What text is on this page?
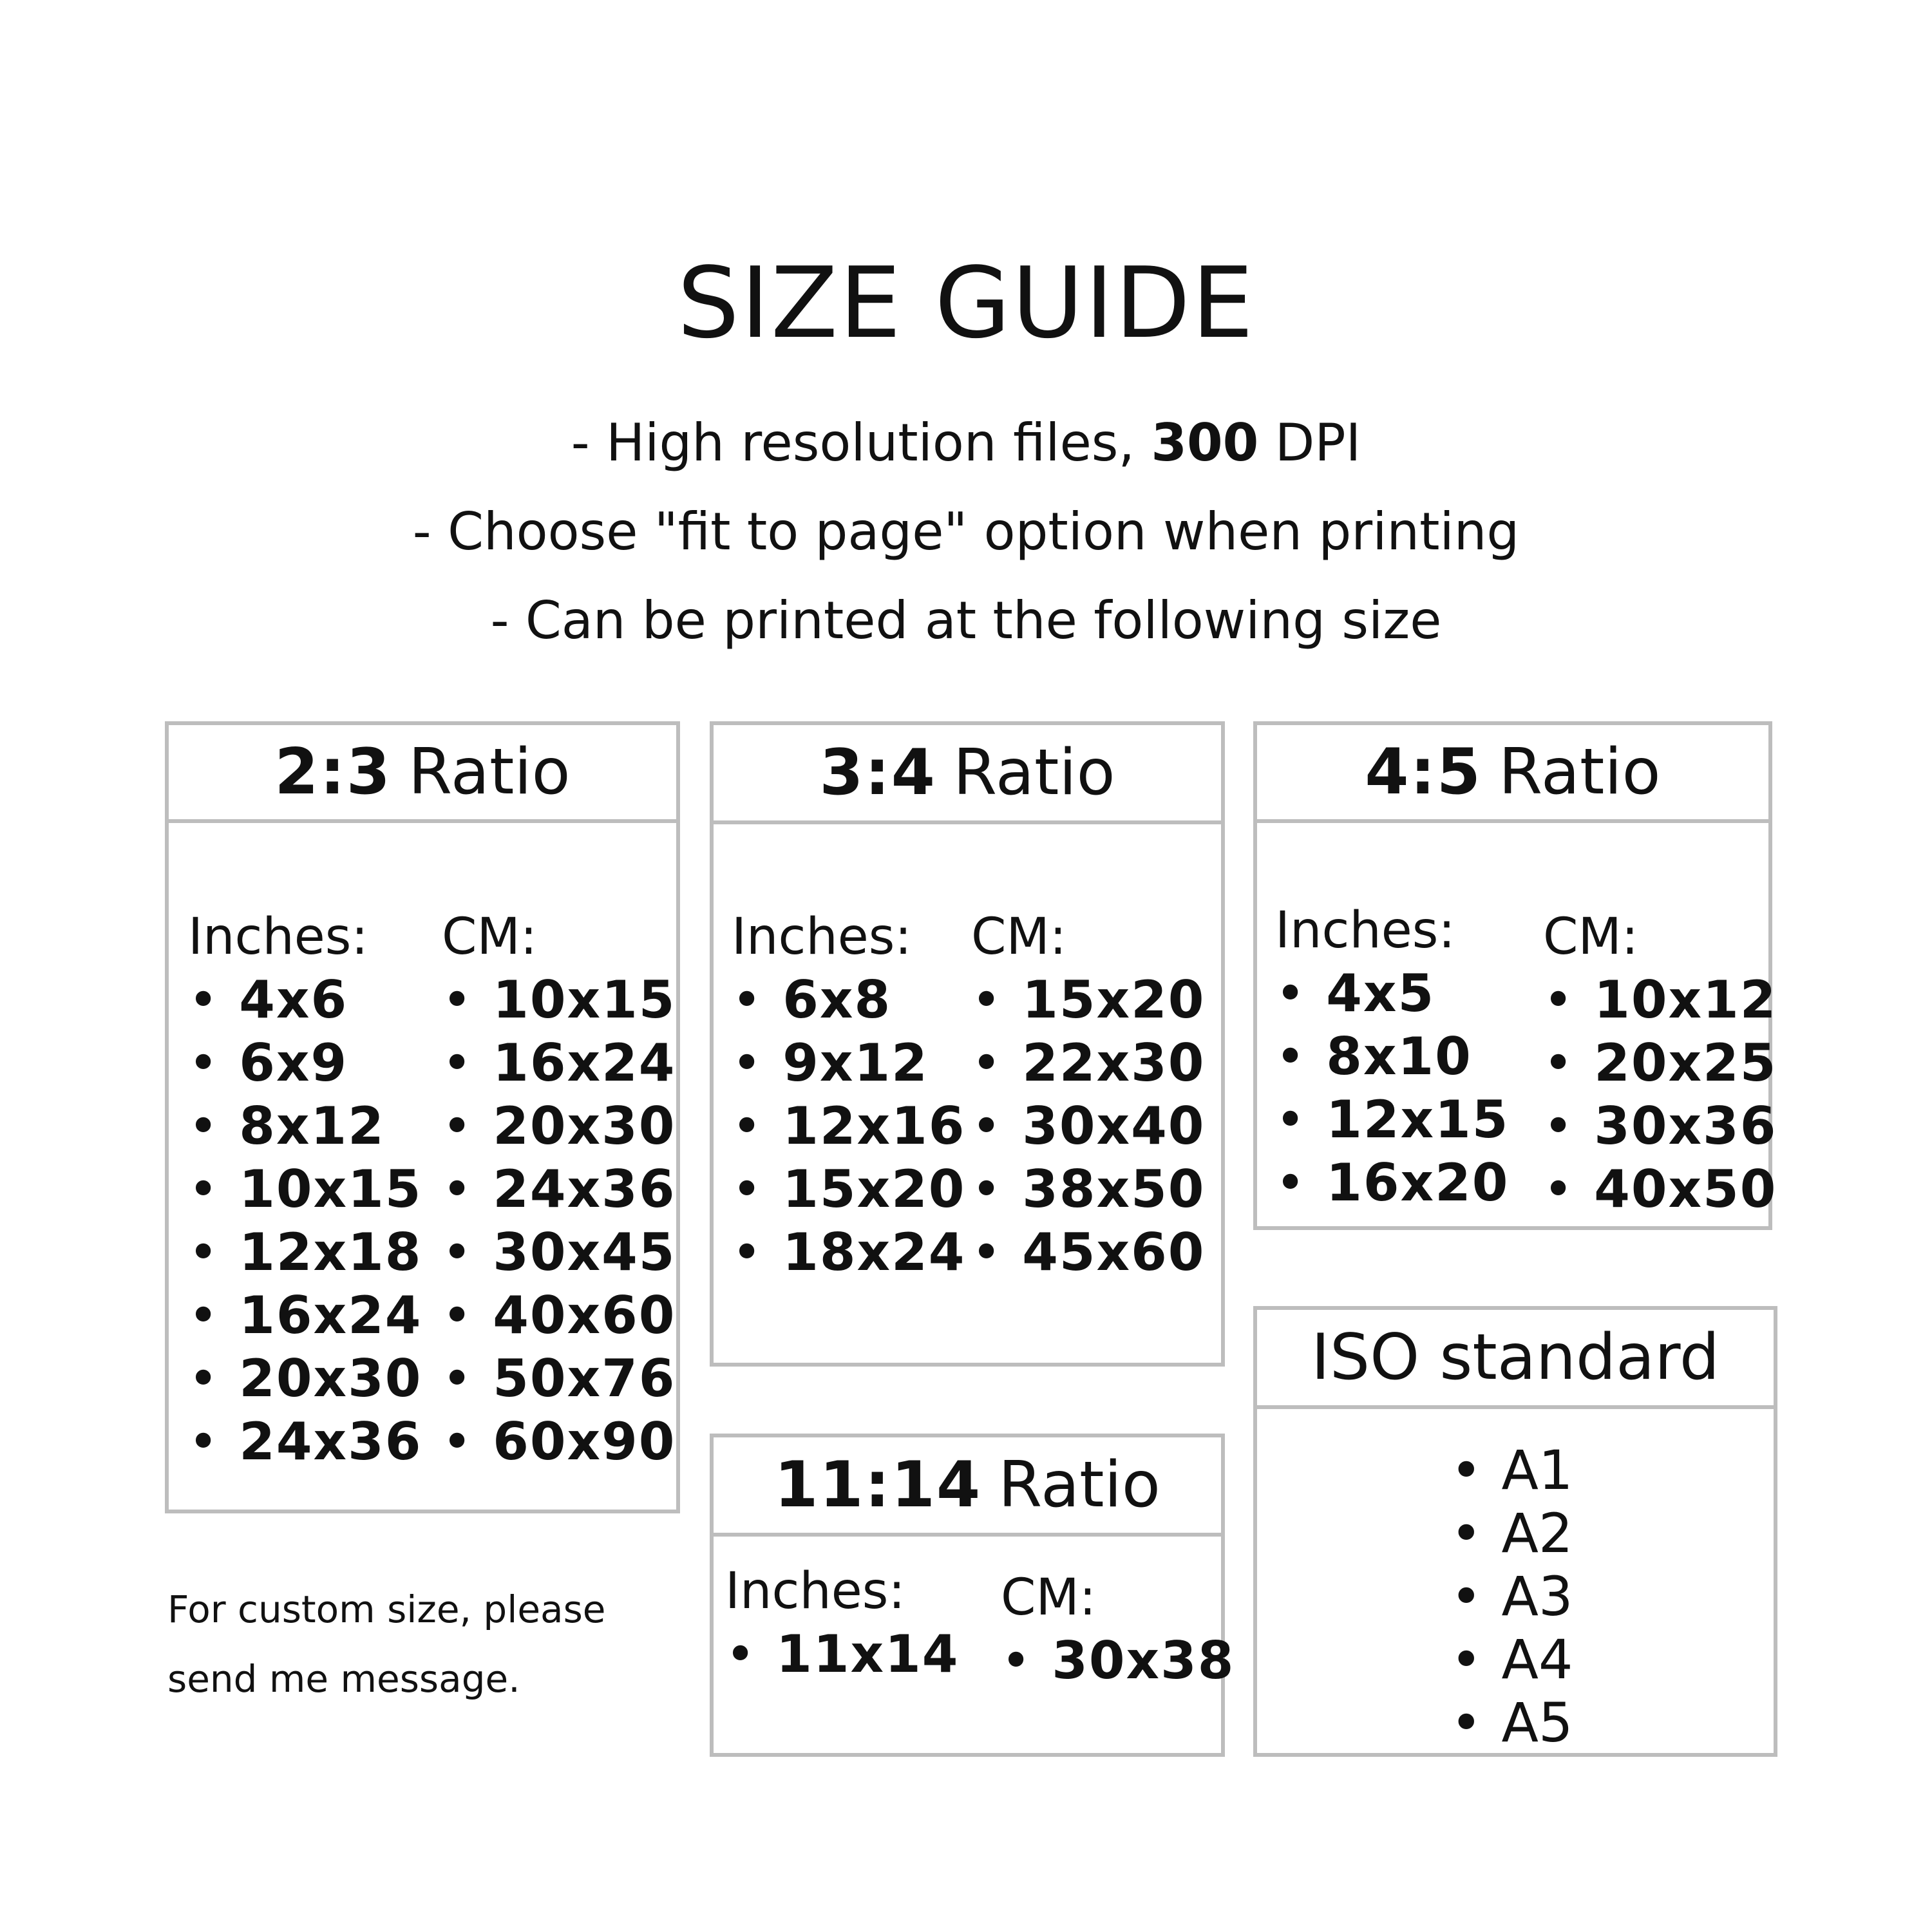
SIZE GUIDE
- High resolution files, 300 DPI
- Choose "fit to page" option when printing
- Can be printed at the following size
2:3 Ratio
Inches:
• 4x6
• 6x9
• 8x12
• 10x15
• 12x18
• 16x24
• 20x30
• 24x36
CM:
• 10x15
• 16x24
• 20x30
• 24x36
• 30x45
• 40x60
• 50x76
• 60x90
3:4 Ratio
Inches:
• 6x8
• 9x12
• 12x16
• 15x20
• 18x24
CM:
• 15x20
• 22x30
• 30x40
• 38x50
• 45x60
4:5 Ratio
Inches:
• 4x5
• 8x10
• 12x15
• 16x20
CM:
• 10x12
• 20x25
• 30x36
• 40x50
11:14 Ratio
Inches:
• 11x14
CM:
• 30x38
ISO standard
• A1
• A2
• A3
• A4
• A5
For custom size, please
send me message.
